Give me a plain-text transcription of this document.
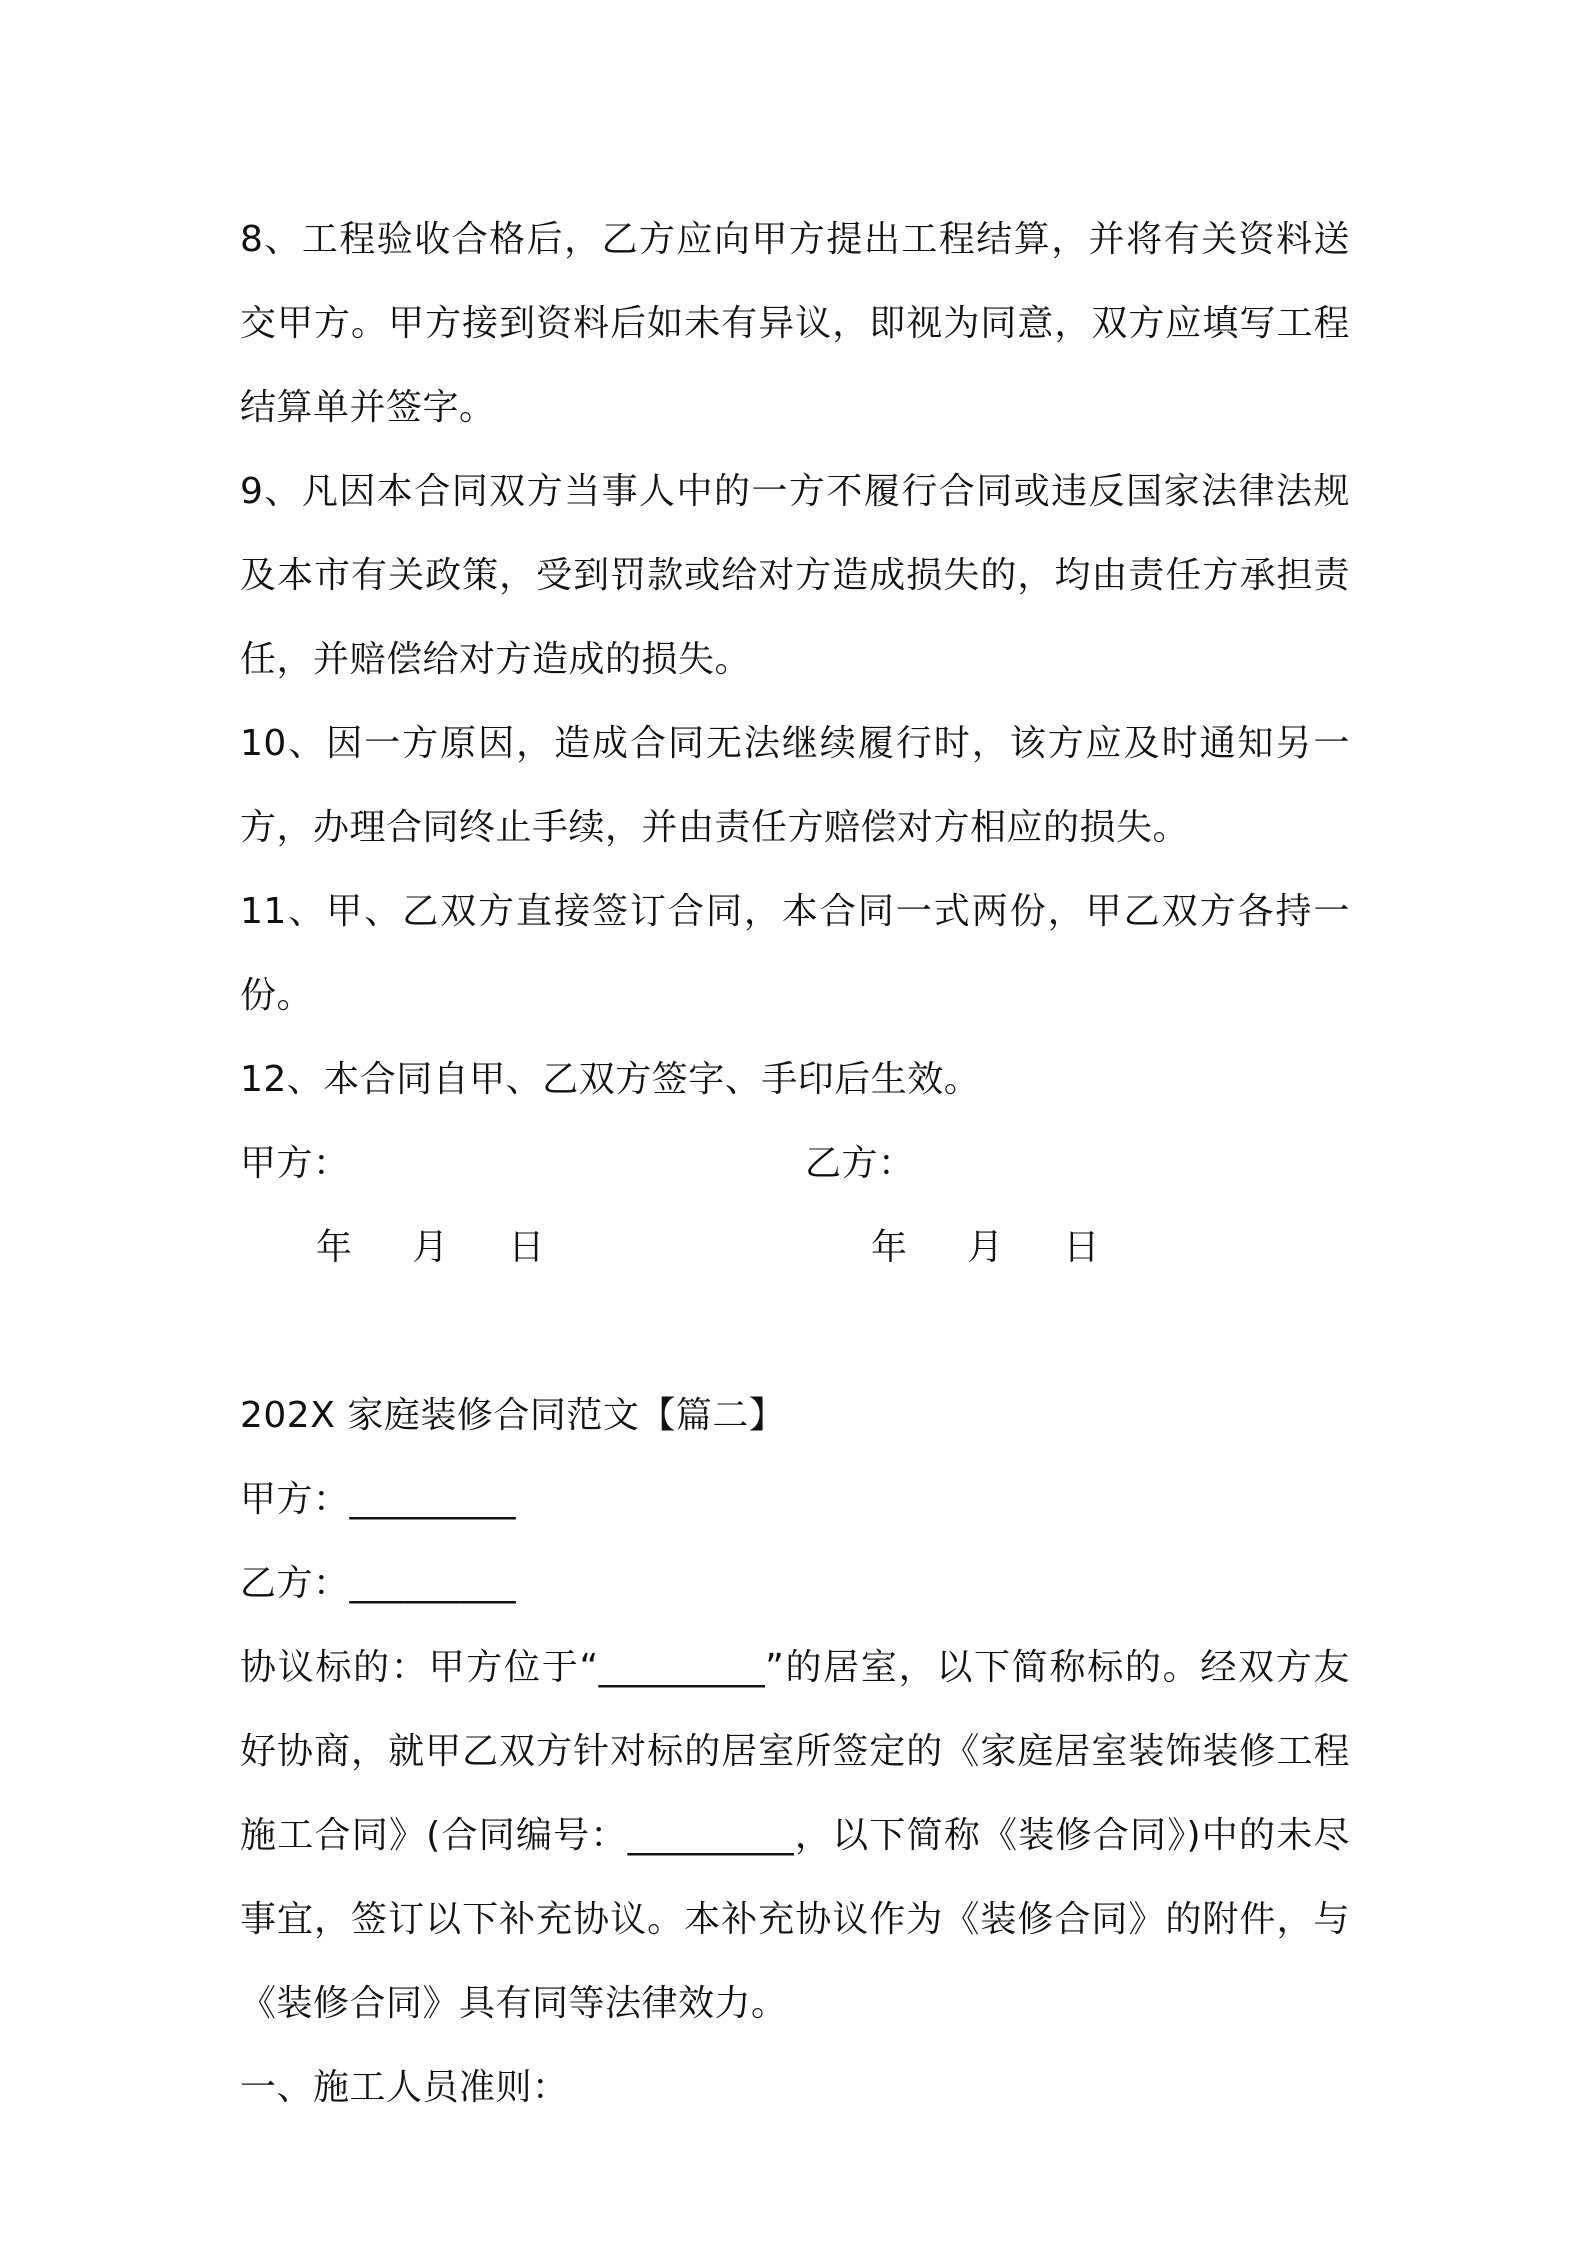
8、工程验收合格后，乙方应向甲方提出工程结算，并将有关资料送交甲方。甲方接到资料后如未有异议，即视为同意，双方应填写工程结算单并签字。

9、凡因本合同双方当事人中的一方不履行合同或违反国家法律法规及本市有关政策，受到罚款或给对方造成损失的，均由责任方承担责任，并赔偿给对方造成的损失。

10、因一方原因，造成合同无法继续履行时，该方应及时通知另一方，办理合同终止手续，并由责任方赔偿对方相应的损失。

11、甲、乙双方直接签订合同，本合同一式两份，甲乙双方各持一份。

12、本合同自甲、乙双方签字、手印后生效。

甲方：	乙方：
年     月     日	年     月     日

202X 家庭装修合同范文【篇二】

甲方：_________

乙方：_________

协议标的：甲方位于“_________”的居室，以下简称标的。经双方友好协商，就甲乙双方针对标的居室所签定的《家庭居室装饰装修工程施工合同》(合同编号：_________，以下简称《装修合同》)中的未尽事宜，签订以下补充协议。本补充协议作为《装修合同》的附件，与《装修合同》具有同等法律效力。

一、施工人员准则：
